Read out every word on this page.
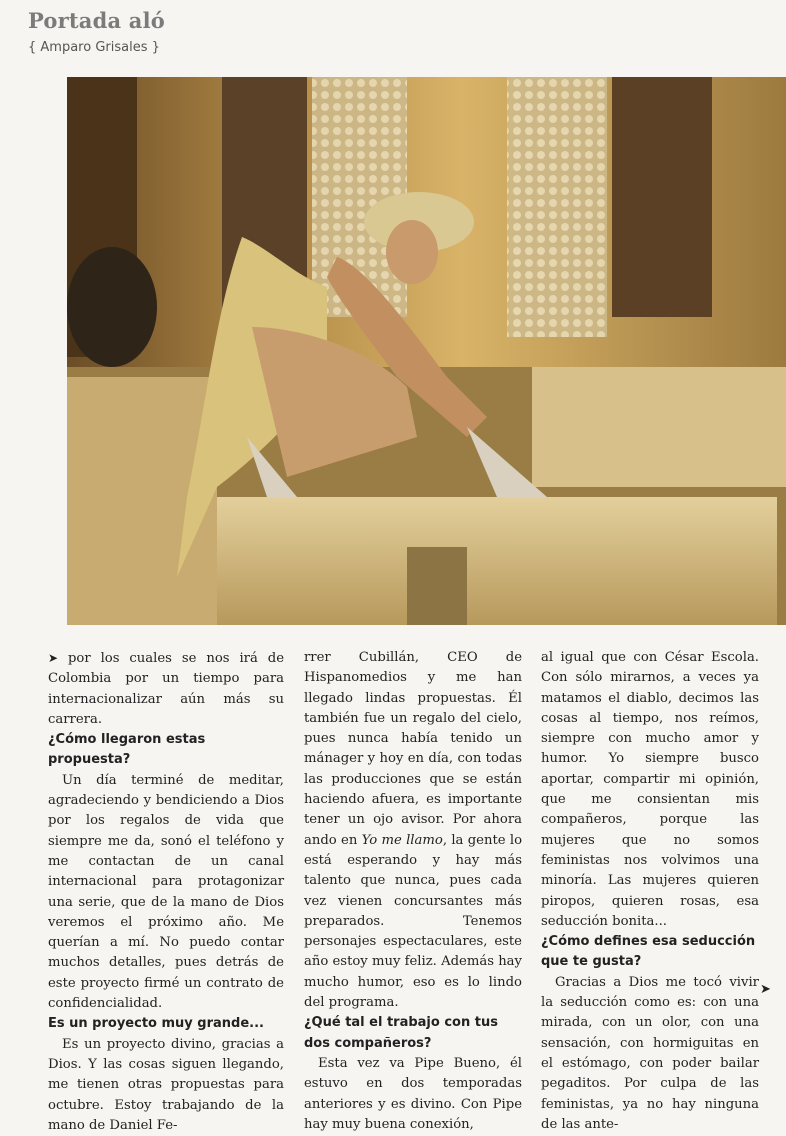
Portada aló
{ Amparo Grisales }

➤ por los cuales se nos irá de Colombia por un tiempo para internacionalizar aún más su carrera.

¿Cómo llegaron estas propuesta?

Un día terminé de meditar, agradeciendo y bendiciendo a Dios por los regalos de vida que siempre me da, sonó el teléfono y me contactan de un canal internacional para protagonizar una serie, que de la mano de Dios veremos el próximo año. Me querían a mí. No puedo contar muchos detalles, pues detrás de este proyecto firmé un contrato de confidencialidad.

Es un proyecto muy grande...

Es un proyecto divino, gracias a Dios. Y las cosas siguen llegando, me tienen otras propuestas para octubre. Estoy trabajando de la mano de Daniel Fe-

rrer Cubillán, CEO de Hispanomedios y me han llegado lindas propuestas. Él también fue un regalo del cielo, pues nunca había tenido un mánager y hoy en día, con todas las producciones que se están haciendo afuera, es importante tener un ojo avisor. Por ahora ando en Yo me llamo, la gente lo está esperando y hay más talento que nunca, pues cada vez vienen concursantes más preparados. Tenemos personajes espectaculares, este año estoy muy feliz. Además hay mucho humor, eso es lo lindo del programa.

¿Qué tal el trabajo con tus dos compañeros?

Esta vez va Pipe Bueno, él estuvo en dos temporadas anteriores y es divino. Con Pipe hay muy buena conexión,

al igual que con César Escola. Con sólo mirarnos, a veces ya matamos el diablo, decimos las cosas al tiempo, nos reímos, siempre con mucho amor y humor. Yo siempre busco aportar, compartir mi opinión, que me consientan mis compañeros, porque las mujeres que no somos feministas nos volvimos una minoría. Las mujeres quieren piropos, quieren rosas, esa seducción bonita...

¿Cómo defines esa seducción que te gusta?

Gracias a Dios me tocó vivir la seducción como es: con una mirada, con un olor, con una sensación, con hormiguitas en el estómago, con poder bailar pegaditos. Por culpa de las feministas, ya no hay ninguna de las ante-

➤
